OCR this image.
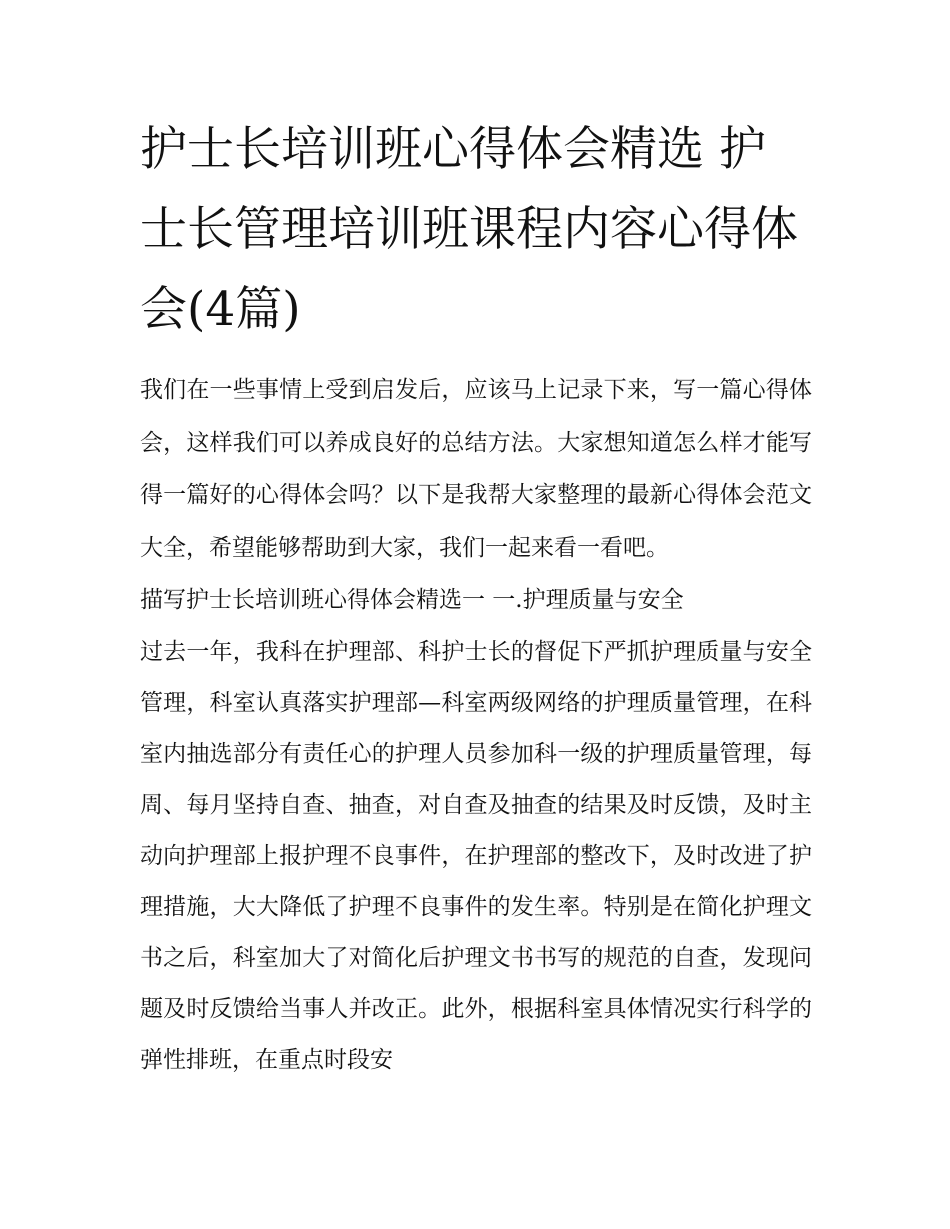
护士长培训班心得体会精选 护士长管理培训班课程内容心得体会(4篇)

我们在一些事情上受到启发后，应该马上记录下来，写一篇心得体会，这样我们可以养成良好的总结方法。大家想知道怎么样才能写得一篇好的心得体会吗？以下是我帮大家整理的最新心得体会范文大全，希望能够帮助到大家，我们一起来看一看吧。

描写护士长培训班心得体会精选一 一.护理质量与安全

过去一年，我科在护理部、科护士长的督促下严抓护理质量与安全管理，科室认真落实护理部—科室两级网络的护理质量管理，在科室内抽选部分有责任心的护理人员参加科一级的护理质量管理，每周、每月坚持自查、抽查，对自查及抽查的结果及时反馈，及时主动向护理部上报护理不良事件，在护理部的整改下，及时改进了护理措施，大大降低了护理不良事件的发生率。特别是在简化护理文书之后，科室加大了对简化后护理文书书写的规范的自查，发现问题及时反馈给当事人并改正。此外，根据科室具体情况实行科学的弹性排班，在重点时段安
